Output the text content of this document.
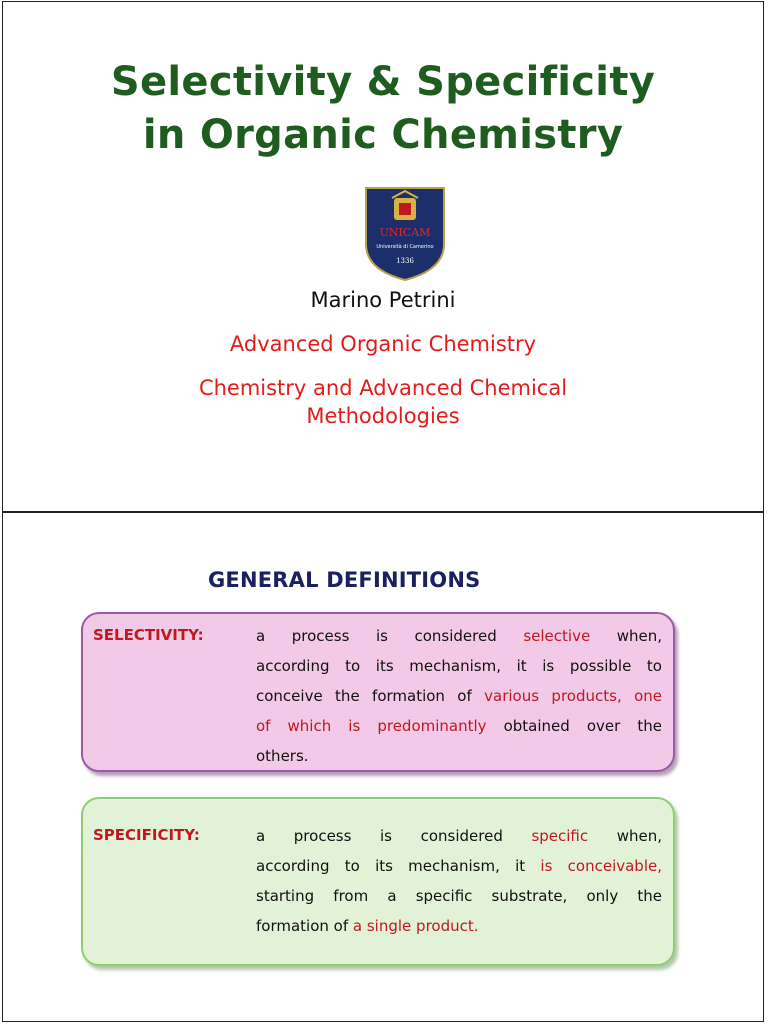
Selectivity & Specificity
in Organic Chemistry
UNICAM
Università di Camerino
1336
Marino Petrini
Advanced Organic Chemistry
Chemistry and Advanced Chemical
Methodologies
GENERAL DEFINITIONS
SELECTIVITY:	a process is considered selective when,
according to its mechanism, it is possible to
conceive the formation of various products, one
of which is predominantly obtained over the
others.
SPECIFICITY:	a process is considered specific when,
according to its mechanism, it is conceivable,
starting from a specific substrate, only the
formation of a single product.
